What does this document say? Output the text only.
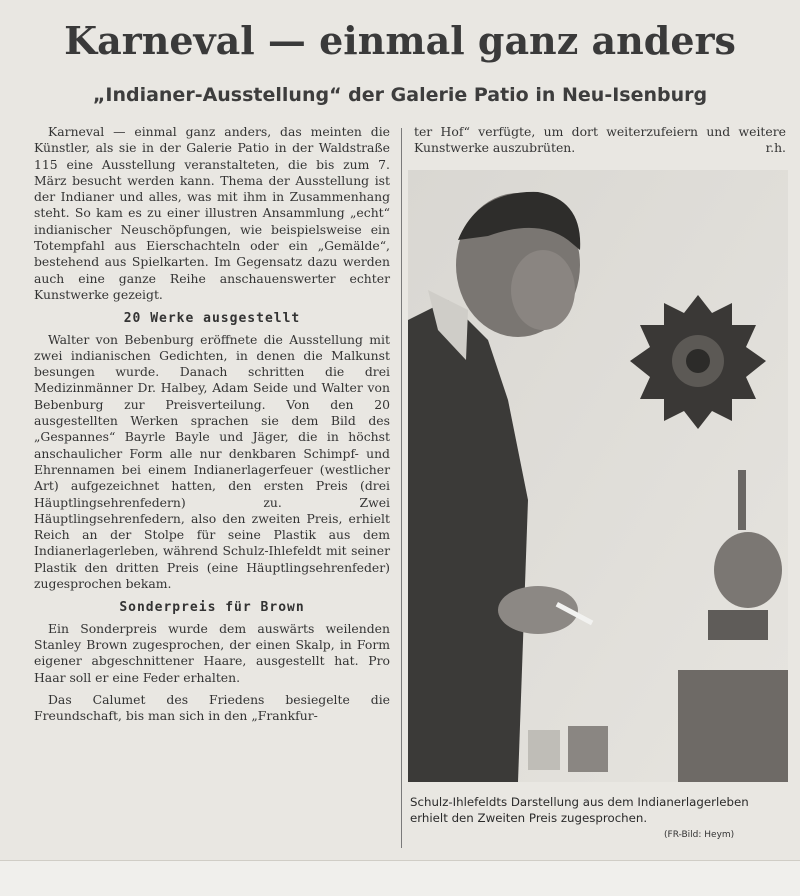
Karneval — einmal ganz anders
„Indianer-Ausstellung“ der Galerie Patio in Neu-Isenburg

Karneval — einmal ganz anders, das meinten die Künstler, als sie in der Galerie Patio in der Waldstraße 115 eine Ausstellung veranstalteten, die bis zum 7. März besucht werden kann. Thema der Ausstellung ist der Indianer und alles, was mit ihm in Zusammenhang steht. So kam es zu einer illustren Ansammlung „echt“ indianischer Neuschöpfungen, wie beispielsweise ein Totempfahl aus Eierschachteln oder ein „Gemälde“, bestehend aus Spielkarten. Im Gegensatz dazu werden auch eine ganze Reihe anschauenswerter echter Kunstwerke gezeigt.

20 Werke ausgestellt

Walter von Bebenburg eröffnete die Ausstellung mit zwei indianischen Gedichten, in denen die Malkunst besungen wurde. Danach schritten die drei Medizinmänner Dr. Halbey, Adam Seide und Walter von Bebenburg zur Preisverteilung. Von den 20 ausgestellten Werken sprachen sie dem Bild des „Gespannes“ Bayrle Bayle und Jäger, die in höchst anschaulicher Form alle nur denkbaren Schimpf- und Ehrennamen bei einem Indianerlagerfeuer (westlicher Art) aufgezeichnet hatten, den ersten Preis (drei Häuptlingsehrenfedern) zu. Zwei Häuptlingsehrenfedern, also den zweiten Preis, erhielt Reich an der Stolpe für seine Plastik aus dem Indianerlagerleben, während Schulz-Ihlefeldt mit seiner Plastik den dritten Preis (eine Häuptlingsehrenfeder) zugesprochen bekam.

Sonderpreis für Brown

Ein Sonderpreis wurde dem auswärts weilenden Stanley Brown zugesprochen, der einen Skalp, in Form eigener abgeschnittener Haare, ausgestellt hat. Pro Haar soll er eine Feder erhalten.

Das Calumet des Friedens besiegelte die Freundschaft, bis man sich in den „Frankfur-

ter Hof“ verfügte, um dort weiterzufeiern und weitere Kunstwerke auszubrüten.	r.h.
Schulz-Ihlefeldts Darstellung aus dem Indianerlagerleben erhielt den Zweiten Preis zugesprochen.
(FR-Bild: Heym)
